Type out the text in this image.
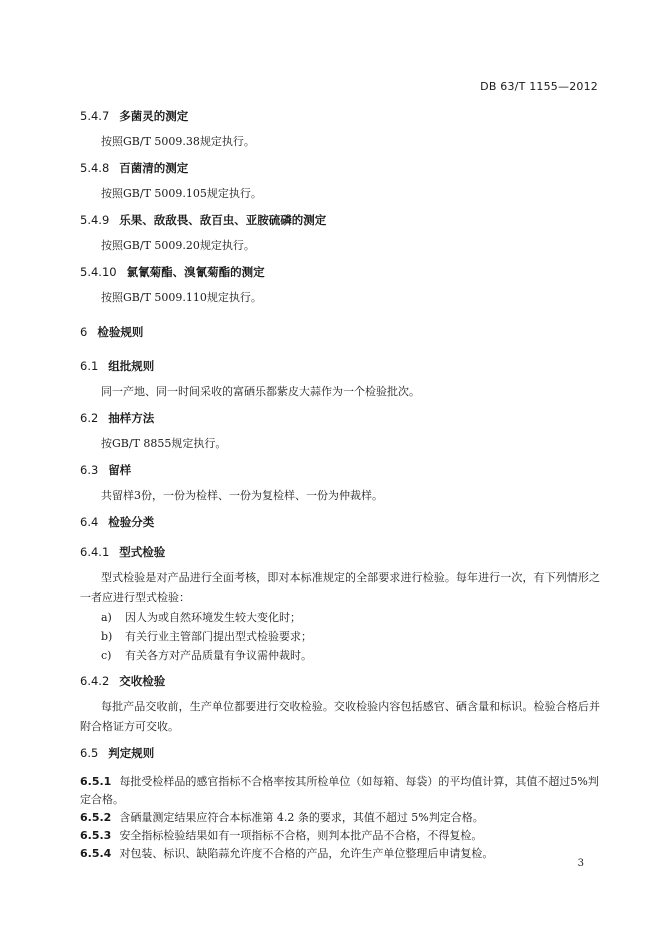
DB 63/T 1155—2012
5.4.7 多菌灵的测定
按照GB/T 5009.38规定执行。
5.4.8 百菌清的测定
按照GB/T 5009.105规定执行。
5.4.9 乐果、敌敌畏、敌百虫、亚胺硫磷的测定
按照GB/T 5009.20规定执行。
5.4.10 氯氰菊酯、溴氰菊酯的测定
按照GB/T 5009.110规定执行。
6 检验规则
6.1 组批规则
同一产地、同一时间采收的富硒乐都紫皮大蒜作为一个检验批次。
6.2 抽样方法
按GB/T 8855规定执行。
6.3 留样
共留样3份，一份为检样、一份为复检样、一份为仲裁样。
6.4 检验分类
6.4.1 型式检验
型式检验是对产品进行全面考核，即对本标准规定的全部要求进行检验。每年进行一次，有下列情形之一者应进行型式检验：
a) 因人为或自然环境发生较大变化时；
b) 有关行业主管部门提出型式检验要求；
c) 有关各方对产品质量有争议需仲裁时。
6.4.2 交收检验
每批产品交收前，生产单位都要进行交收检验。交收检验内容包括感官、硒含量和标识。检验合格后并附合格证方可交收。
6.5 判定规则
6.5.1 每批受检样品的感官指标不合格率按其所检单位（如每箱、每袋）的平均值计算，其值不超过5%判定合格。
6.5.2 含硒量测定结果应符合本标准第 4.2 条的要求，其值不超过 5%判定合格。
6.5.3 安全指标检验结果如有一项指标不合格，则判本批产品不合格，不得复检。
6.5.4 对包装、标识、缺陷蒜允许度不合格的产品，允许生产单位整理后申请复检。
3
